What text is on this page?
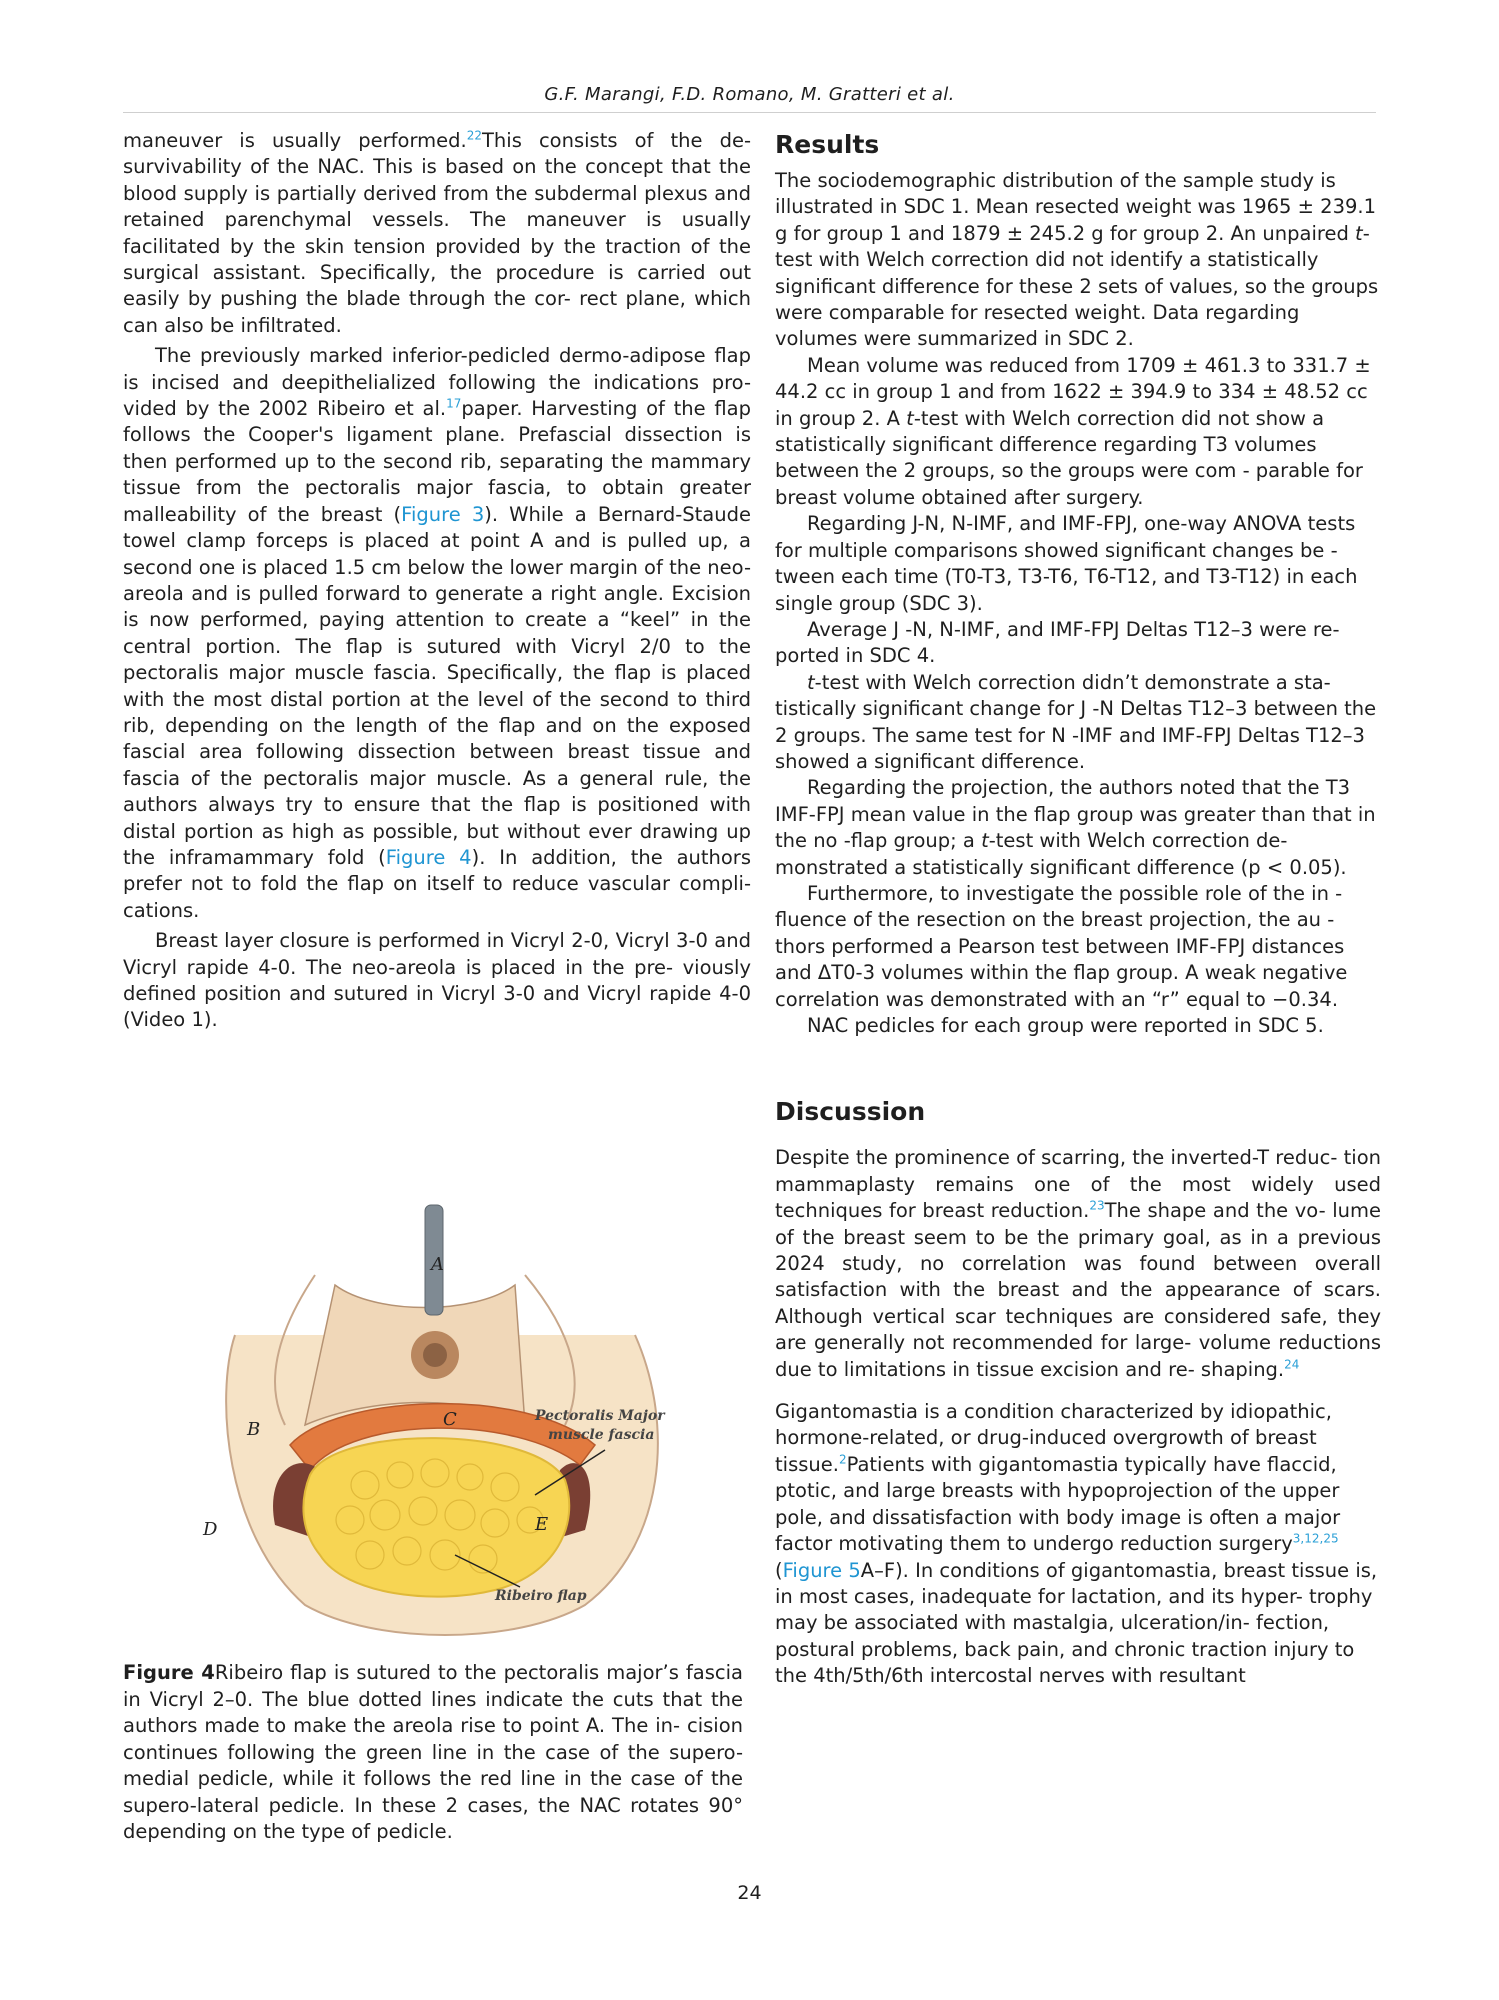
G.F. Marangi, F.D. Romano, M. Gratteri et al.

maneuver is usually performed.$^{22}$This consists of the de- survivability of the NAC. This is based on the concept that the blood supply is partially derived from the subdermal plexus and retained parenchymal vessels. The maneuver is usually facilitated by the skin tension provided by the traction of the surgical assistant. Specifically, the procedure is carried out easily by pushing the blade through the cor- rect plane, which can also be infiltrated.

The previously marked inferior-pedicled dermo-adipose flap is incised and deepithelialized following the indications pro- vided by the 2002 Ribeiro et al.$^{17}$paper. Harvesting of the flap follows the Cooper's ligament plane. Prefascial dissection is then performed up to the second rib, separating the mammary tissue from the pectoralis major fascia, to obtain greater malleability of the breast (Figure 3). While a Bernard-Staude towel clamp forceps is placed at point A and is pulled up, a second one is placed 1.5 cm below the lower margin of the neo- areola and is pulled forward to generate a right angle. Excision is now performed, paying attention to create a “keel” in the central portion. The flap is sutured with Vicryl 2/0 to the pectoralis major muscle fascia. Specifically, the flap is placed with the most distal portion at the level of the second to third rib, depending on the length of the flap and on the exposed fascial area following dissection between breast tissue and fascia of the pectoralis major muscle. As a general rule, the authors always try to ensure that the flap is positioned with distal portion as high as possible, but without ever drawing up the inframammary fold (Figure 4). In addition, the authors prefer not to fold the flap on itself to reduce vascular compli- cations.

Breast layer closure is performed in Vicryl 2-0, Vicryl 3-0 and Vicryl rapide 4-0. The neo-areola is placed in the pre- viously defined position and sutured in Vicryl 3-0 and Vicryl rapide 4-0 (Video 1).

A
B	C
D	E
Pectoralis Major
muscle fascia
Ribeiro flap
Figure 4Ribeiro flap is sutured to the pectoralis major’s fascia in Vicryl 2–0. The blue dotted lines indicate the cuts that the authors made to make the areola rise to point A. The in- cision continues following the green line in the case of the supero- medial pedicle, while it follows the red line in the case of the supero-lateral pedicle. In these 2 cases, the NAC rotates 90° depending on the type of pedicle.
Results

The sociodemographic distribution of the sample study is illustrated in SDC 1. Mean resected weight was 1965 ± 239.1 g for group 1 and 1879 ± 245.2 g for group 2. An unpaired t-test with Welch correction did not identify a statistically significant difference for these 2 sets of values, so the groups were comparable for resected weight. Data regarding volumes were summarized in SDC 2.

Mean volume was reduced from 1709 ± 461.3 to 331.7 ± 44.2 cc in group 1 and from 1622 ± 394.9 to 334 ± 48.52 cc in group 2. A t-test with Welch correction did not show a statistically significant difference regarding T3 volumes between the 2 groups, so the groups were com - parable for breast volume obtained after surgery.

Regarding J-N, N-IMF, and IMF-FPJ, one-way ANOVA tests for multiple comparisons showed significant changes be - tween each time (T0-T3, T3-T6, T6-T12, and T3-T12) in each single group (SDC 3).

Average J -N, N-IMF, and IMF-FPJ Deltas T12–3 were re- ported in SDC 4.

t-test with Welch correction didn’t demonstrate a sta- tistically significant change for J -N Deltas T12–3 between the 2 groups. The same test for N -IMF and IMF-FPJ Deltas T12–3 showed a significant difference.

Regarding the projection, the authors noted that the T3 IMF-FPJ mean value in the flap group was greater than that in the no -flap group; a t-test with Welch correction de- monstrated a statistically significant difference (p < 0.05).

Furthermore, to investigate the possible role of the in - fluence of the resection on the breast projection, the au - thors performed a Pearson test between IMF-FPJ distances and ΔT0-3 volumes within the flap group. A weak negative correlation was demonstrated with an “r” equal to −0.34.

NAC pedicles for each group were reported in SDC 5.

Discussion

Despite the prominence of scarring, the inverted-T reduc- tion mammaplasty remains one of the most widely used techniques for breast reduction.$^{23}$The shape and the vo- lume of the breast seem to be the primary goal, as in a previous 2024 study, no correlation was found between overall satisfaction with the breast and the appearance of scars. Although vertical scar techniques are considered safe, they are generally not recommended for large- volume reductions due to limitations in tissue excision and re- shaping.$^{24}$

Gigantomastia is a condition characterized by idiopathic, hormone-related, or drug-induced overgrowth of breast tissue.$^2$Patients with gigantomastia typically have flaccid, ptotic, and large breasts with hypoprojection of the upper pole, and dissatisfaction with body image is often a major factor motivating them to undergo reduction surgery$^{3,12,25}$ (Figure 5A–F). In conditions of gigantomastia, breast tissue is, in most cases, inadequate for lactation, and its hyper- trophy may be associated with mastalgia, ulceration/in- fection, postural problems, back pain, and chronic traction injury to the 4th/5th/6th intercostal nerves with resultant

24
